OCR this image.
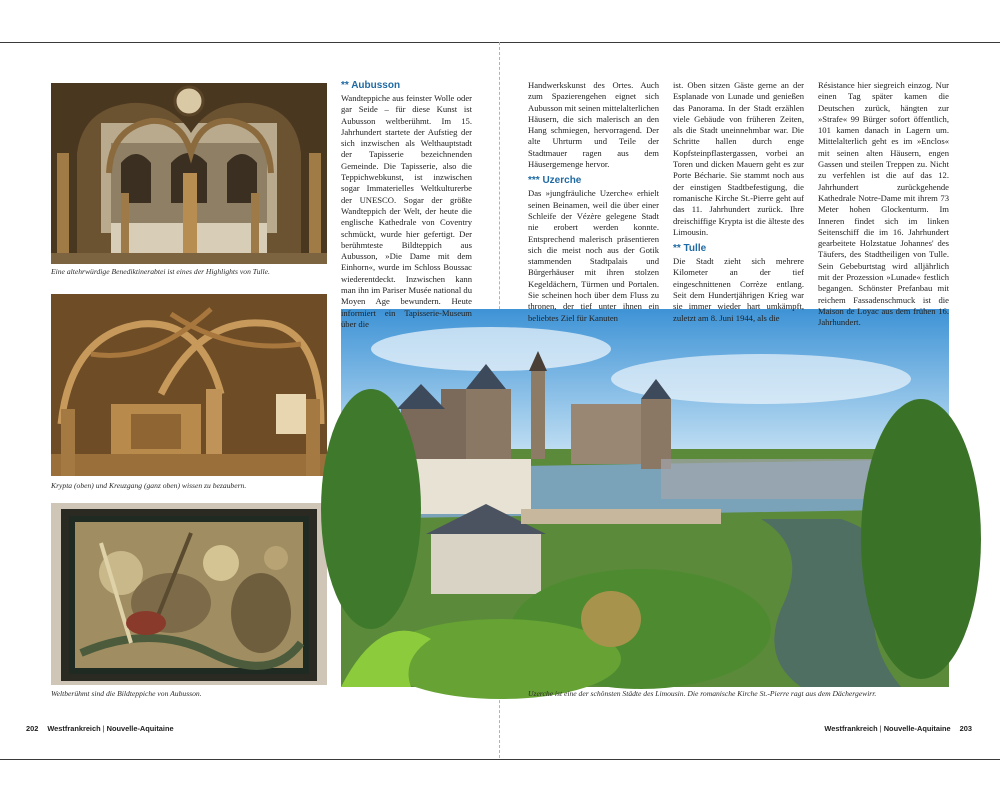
Eine altehrwürdige Benediktinerabtei ist eines der Highlights von Tulle.
Krypta (oben) und Kreuzgang (ganz oben) wissen zu bezaubern.
Weltberühmt sind die Bildteppiche von Aubusson.	Uzerche ist eine der schönsten Städte des Limousin. Die romanische Kirche St.-Pierre ragt aus dem Dächergewirr.
** Aubusson

Wandteppiche aus feinster Wolle oder gar Seide – für diese Kunst ist Aubusson weltberühmt. Im 15. Jahrhundert startete der Aufstieg der sich inzwischen als Welthauptstadt der Tapisserie bezeichnenden Gemeinde. Die Tapisserie, also die Teppichwebkunst, ist inzwischen sogar Immaterielles Weltkulturerbe der UNESCO. Sogar der größte Wandteppich der Welt, der heute die englische Kathedrale von Coventry schmückt, wurde hier gefertigt. Der berühmteste Bildteppich aus Aubusson, »Die Dame mit dem Einhorn«, wurde im Schloss Boussac wiederentdeckt. Inzwischen kann man ihn im Pariser Musée national du Moyen Age bewundern. Heute informiert ein Tapisserie-Museum über die

Handwerkskunst des Ortes. Auch zum Spazierengehen eignet sich Aubusson mit seinen mittelalterlichen Häusern, die sich malerisch an den Hang schmiegen, hervorragend. Der alte Uhrturm und Teile der Stadtmauer ragen aus dem Häusergemenge hervor.

*** Uzerche

Das »jungfräuliche Uzerche« erhielt seinen Beinamen, weil die über einer Schleife der Vézère gelegene Stadt nie erobert werden konnte. Entsprechend malerisch präsentieren sich die meist noch aus der Gotik stammenden Stadtpalais und Bürgerhäuser mit ihren stolzen Kegeldächern, Türmen und Portalen. Sie scheinen hoch über dem Fluss zu thronen, der tief unter ihnen ein beliebtes Ziel für Kanuten

ist. Oben sitzen Gäste gerne an der Esplanade von Lunade und genießen das Panorama. In der Stadt erzählen viele Gebäude von früheren Zeiten, als die Stadt uneinnehmbar war. Die Schritte hallen durch enge Kopfsteinpflastergassen, vorbei an Toren und dicken Mauern geht es zur Porte Bécharie. Sie stammt noch aus der einstigen Stadtbefestigung, die romanische Kirche St.-Pierre geht auf das 11. Jahrhundert zurück. Ihre dreischiffige Krypta ist die älteste des Limousin.

** Tulle

Die Stadt zieht sich mehrere Kilometer an der tief eingeschnittenen Corrèze entlang. Seit dem Hundertjährigen Krieg war sie immer wieder hart umkämpft, zuletzt am 8. Juni 1944, als die

Résistance hier siegreich einzog. Nur einen Tag später kamen die Deutschen zurück, hängten zur »Strafe« 99 Bürger sofort öffentlich, 101 kamen danach in Lagern um. Mittelalterlich geht es im »Enclos« mit seinen alten Häusern, engen Gassen und steilen Treppen zu. Nicht zu verfehlen ist die auf das 12. Jahrhundert zurückgehende Kathedrale Notre-Dame mit ihrem 73 Meter hohen Glockenturm. Im Inneren findet sich im linken Seitenschiff die im 16. Jahrhundert gearbeitete Holzstatue Johannes' des Täufers, des Stadtheiligen von Tulle. Sein Gebeburtstag wird alljährlich mit der Prozession »Lunade« festlich begangen. Schönster Prefanbau mit reichem Fassadenschmuck ist die Maison de Loyac aus dem frühen 16. Jahrhundert.

202 Westfrankreich | Nouvelle-Aquitaine	Westfrankreich | Nouvelle-Aquitaine 203
